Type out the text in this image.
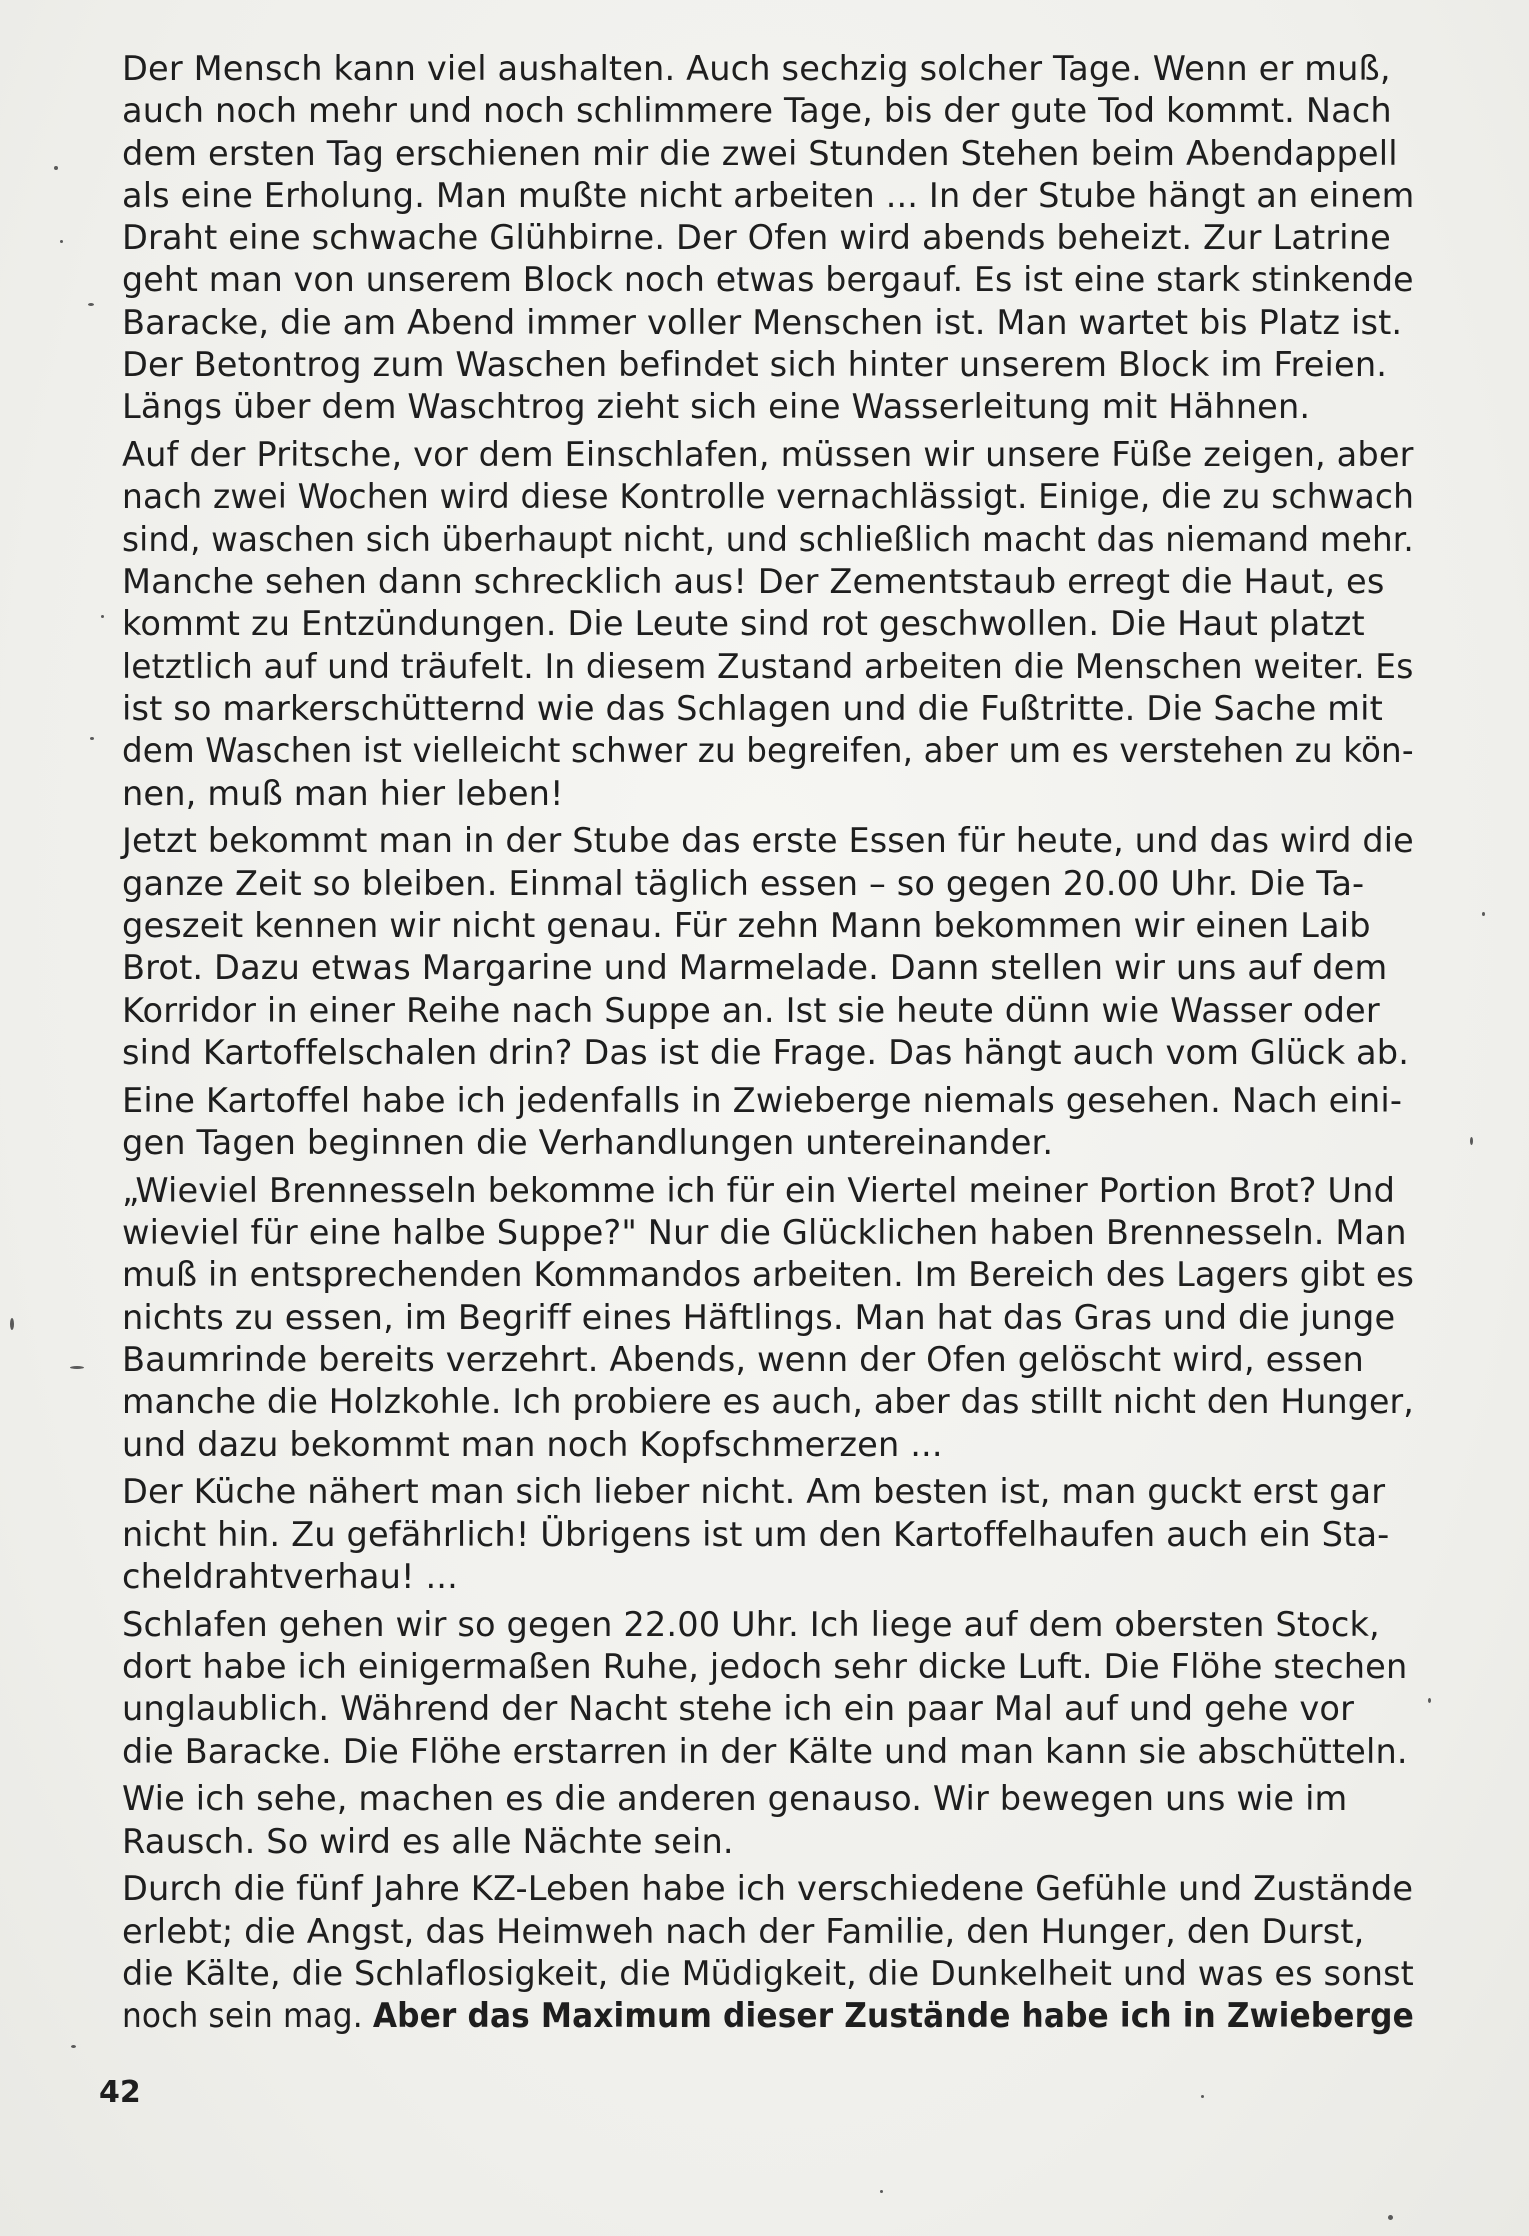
Der Mensch kann viel aushalten. Auch sechzig solcher Tage. Wenn er muß,
auch noch mehr und noch schlimmere Tage, bis der gute Tod kommt. Nach
dem ersten Tag erschienen mir die zwei Stunden Stehen beim Abendappell
als eine Erholung. Man mußte nicht arbeiten ... In der Stube hängt an einem
Draht eine schwache Glühbirne. Der Ofen wird abends beheizt. Zur Latrine
geht man von unserem Block noch etwas bergauf. Es ist eine stark stinkende
Baracke, die am Abend immer voller Menschen ist. Man wartet bis Platz ist.
Der Betontrog zum Waschen befindet sich hinter unserem Block im Freien.
Längs über dem Waschtrog zieht sich eine Wasserleitung mit Hähnen.
Auf der Pritsche, vor dem Einschlafen, müssen wir unsere Füße zeigen, aber
nach zwei Wochen wird diese Kontrolle vernachlässigt. Einige, die zu schwach
sind, waschen sich überhaupt nicht, und schließlich macht das niemand mehr.
Manche sehen dann schrecklich aus! Der Zementstaub erregt die Haut, es
kommt zu Entzündungen. Die Leute sind rot geschwollen. Die Haut platzt
letztlich auf und träufelt. In diesem Zustand arbeiten die Menschen weiter. Es
ist so markerschütternd wie das Schlagen und die Fußtritte. Die Sache mit
dem Waschen ist vielleicht schwer zu begreifen, aber um es verstehen zu kön-
nen, muß man hier leben!
Jetzt bekommt man in der Stube das erste Essen für heute, und das wird die
ganze Zeit so bleiben. Einmal täglich essen – so gegen 20.00 Uhr. Die Ta-
geszeit kennen wir nicht genau. Für zehn Mann bekommen wir einen Laib
Brot. Dazu etwas Margarine und Marmelade. Dann stellen wir uns auf dem
Korridor in einer Reihe nach Suppe an. Ist sie heute dünn wie Wasser oder
sind Kartoffelschalen drin? Das ist die Frage. Das hängt auch vom Glück ab.
Eine Kartoffel habe ich jedenfalls in Zwieberge niemals gesehen. Nach eini-
gen Tagen beginnen die Verhandlungen untereinander.
„Wieviel Brennesseln bekomme ich für ein Viertel meiner Portion Brot? Und
wieviel für eine halbe Suppe?" Nur die Glücklichen haben Brennesseln. Man
muß in entsprechenden Kommandos arbeiten. Im Bereich des Lagers gibt es
nichts zu essen, im Begriff eines Häftlings. Man hat das Gras und die junge
Baumrinde bereits verzehrt. Abends, wenn der Ofen gelöscht wird, essen
manche die Holzkohle. Ich probiere es auch, aber das stillt nicht den Hunger,
und dazu bekommt man noch Kopfschmerzen ...
Der Küche nähert man sich lieber nicht. Am besten ist, man guckt erst gar
nicht hin. Zu gefährlich! Übrigens ist um den Kartoffelhaufen auch ein Sta-
cheldrahtverhau! ...
Schlafen gehen wir so gegen 22.00 Uhr. Ich liege auf dem obersten Stock,
dort habe ich einigermaßen Ruhe, jedoch sehr dicke Luft. Die Flöhe stechen
unglaublich. Während der Nacht stehe ich ein paar Mal auf und gehe vor
die Baracke. Die Flöhe erstarren in der Kälte und man kann sie abschütteln.
Wie ich sehe, machen es die anderen genauso. Wir bewegen uns wie im
Rausch. So wird es alle Nächte sein.
Durch die fünf Jahre KZ-Leben habe ich verschiedene Gefühle und Zustände
erlebt; die Angst, das Heimweh nach der Familie, den Hunger, den Durst,
die Kälte, die Schlaflosigkeit, die Müdigkeit, die Dunkelheit und was es sonst
noch sein mag. Aber das Maximum dieser Zustände habe ich in Zwieberge
42
